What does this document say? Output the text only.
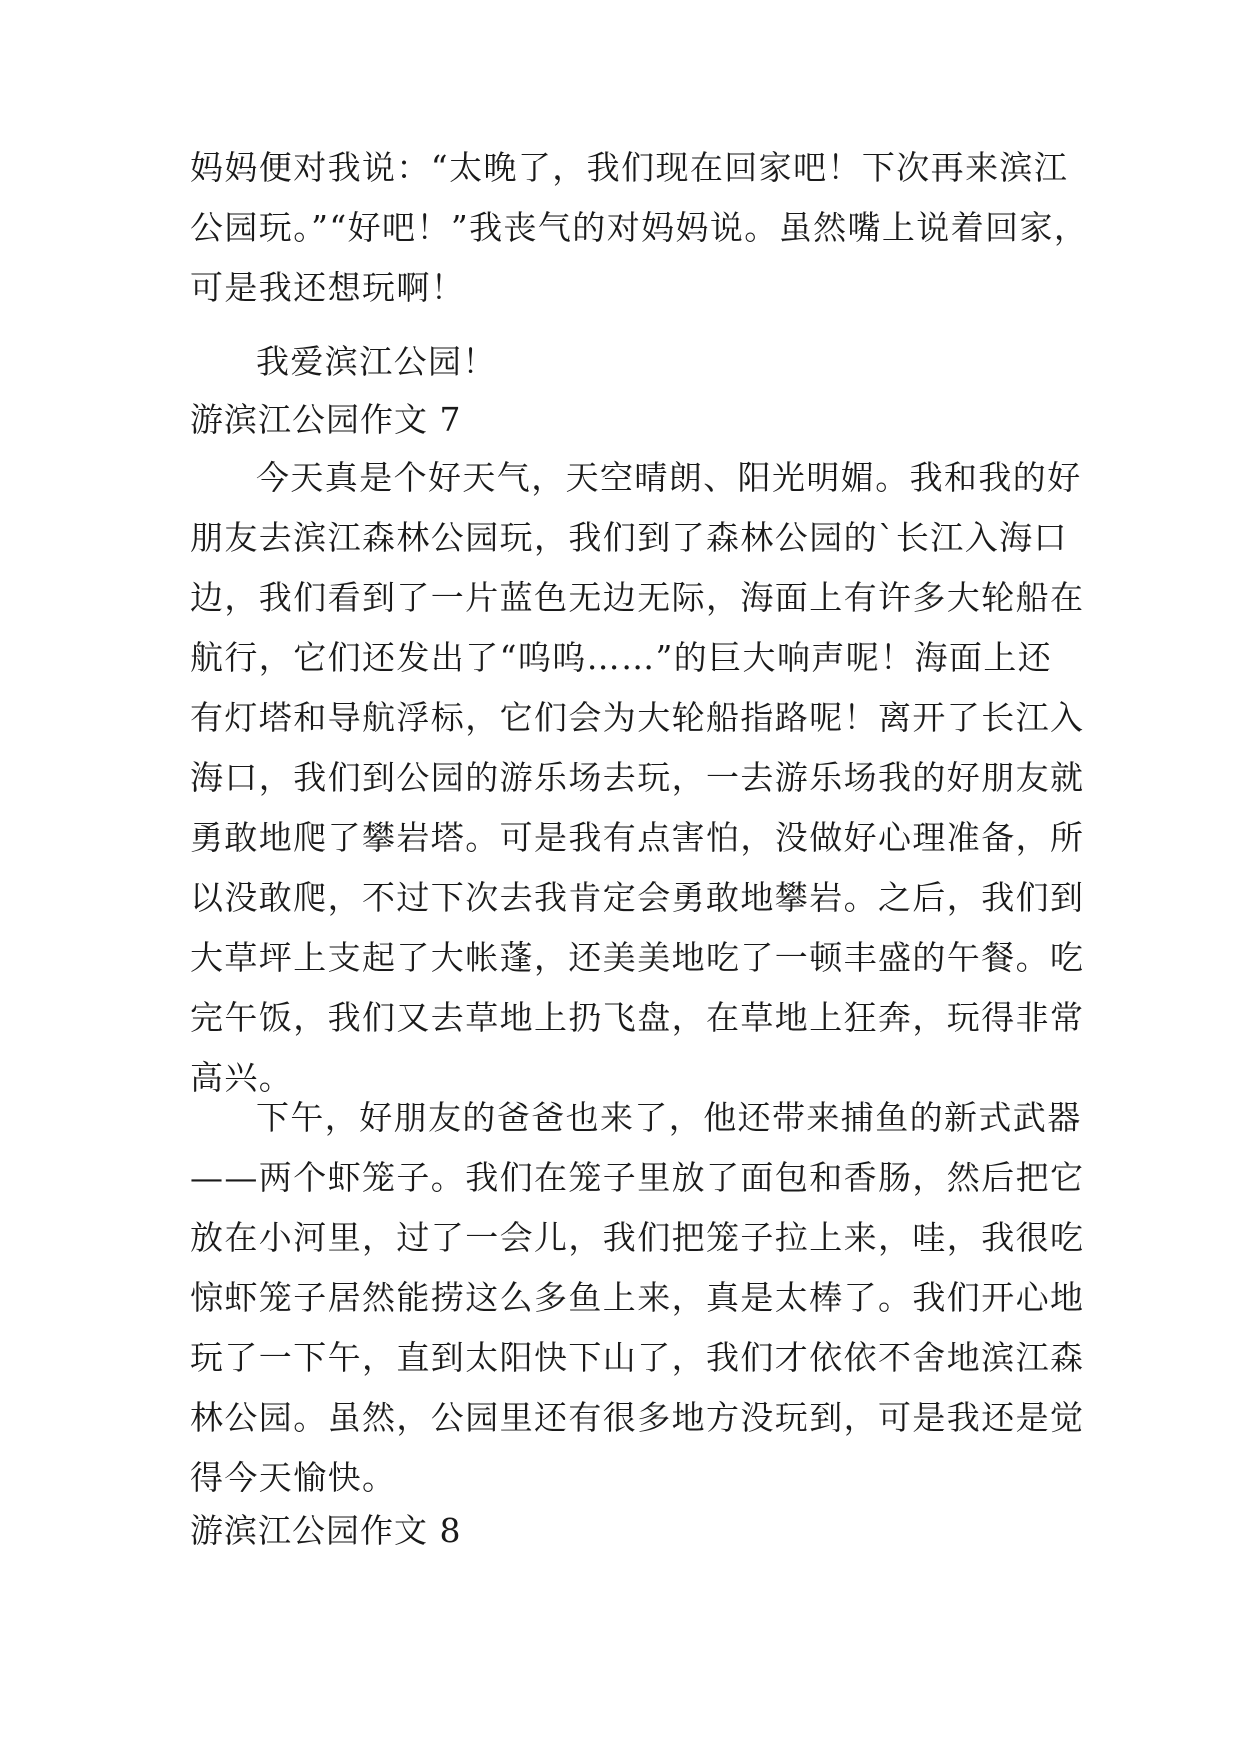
妈妈便对我说：“太晚了，我们现在回家吧！下次再来滨江
公园玩。”“好吧！”我丧气的对妈妈说。虽然嘴上说着回家，
可是我还想玩啊！

我爱滨江公园！

游滨江公园作文 7

今天真是个好天气，天空晴朗、阳光明媚。我和我的好
朋友去滨江森林公园玩，我们到了森林公园的`长江入海口
边，我们看到了一片蓝色无边无际，海面上有许多大轮船在
航行，它们还发出了“呜呜……”的巨大响声呢！海面上还
有灯塔和导航浮标，它们会为大轮船指路呢！离开了长江入
海口，我们到公园的游乐场去玩，一去游乐场我的好朋友就
勇敢地爬了攀岩塔。可是我有点害怕，没做好心理准备，所
以没敢爬，不过下次去我肯定会勇敢地攀岩。之后，我们到
大草坪上支起了大帐蓬，还美美地吃了一顿丰盛的午餐。吃
完午饭，我们又去草地上扔飞盘，在草地上狂奔，玩得非常
高兴。

下午，好朋友的爸爸也来了，他还带来捕鱼的新式武器
——两个虾笼子。我们在笼子里放了面包和香肠，然后把它
放在小河里，过了一会儿，我们把笼子拉上来，哇，我很吃
惊虾笼子居然能捞这么多鱼上来，真是太棒了。我们开心地
玩了一下午，直到太阳快下山了，我们才依依不舍地滨江森
林公园。虽然，公园里还有很多地方没玩到，可是我还是觉
得今天愉快。

游滨江公园作文 8
